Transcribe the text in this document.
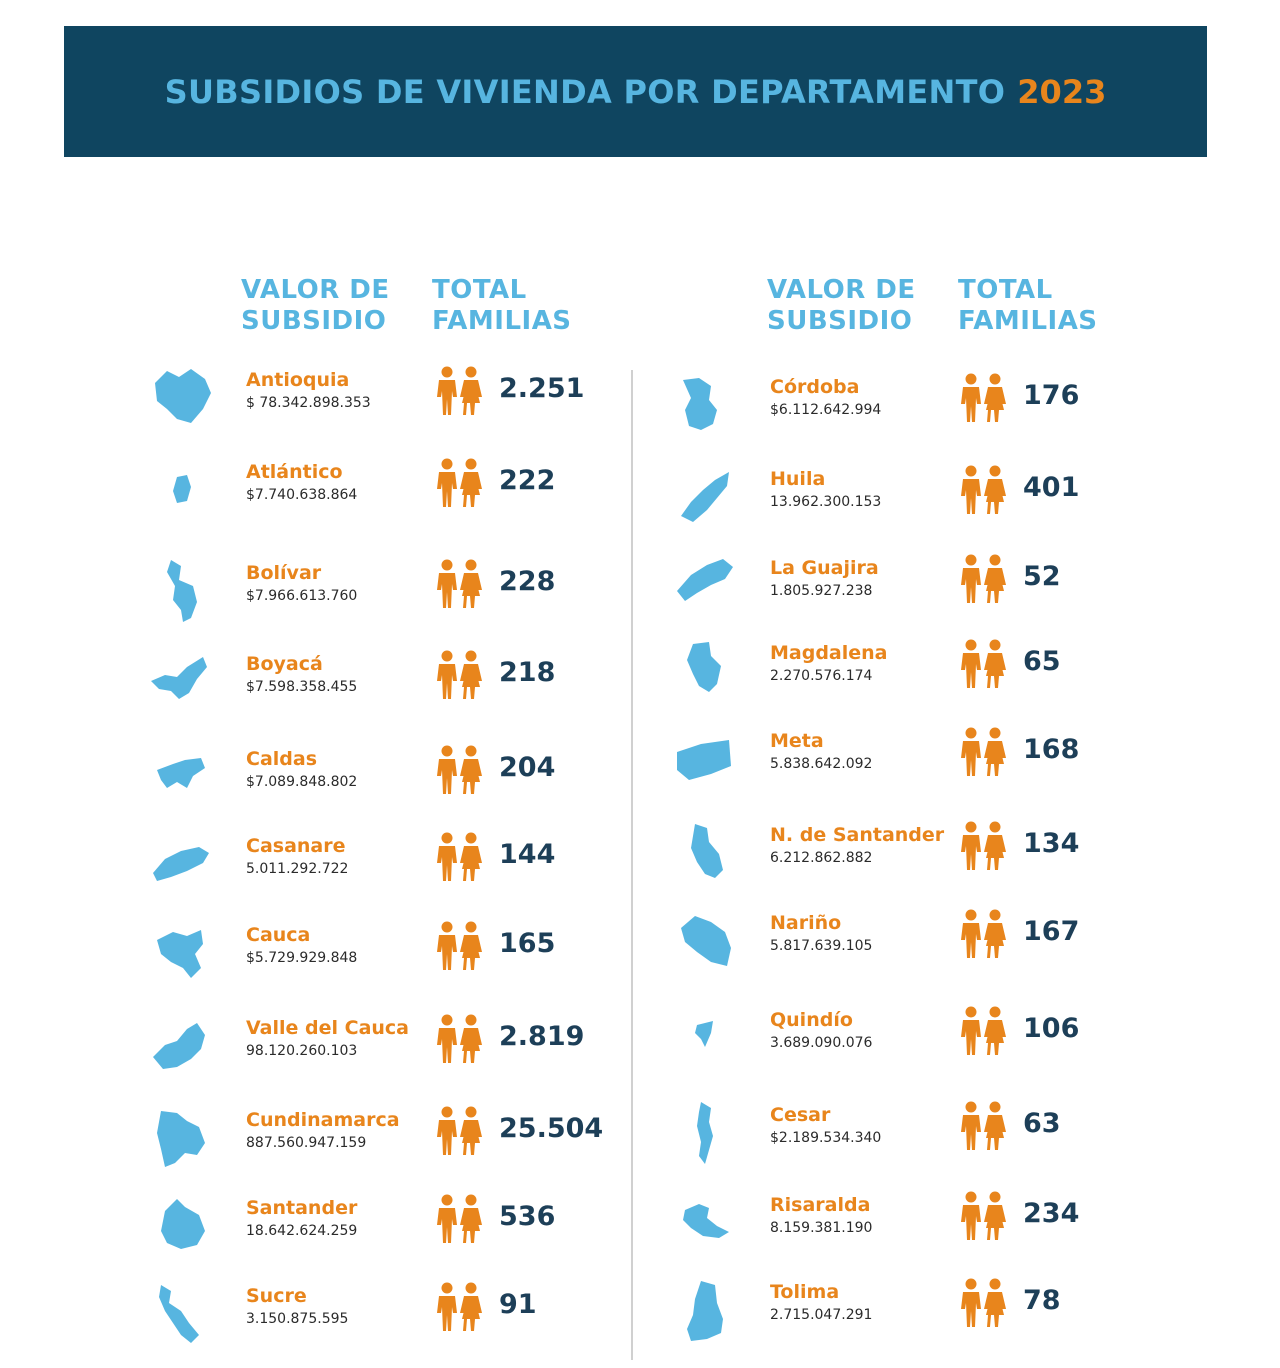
SUBSIDIOS DE VIVIENDA POR DEPARTAMENTO 2023
VALOR DE
SUBSIDIO
TOTAL
FAMILIAS
VALOR DE
SUBSIDIO
TOTAL
FAMILIAS
Antioquia
$ 78.342.898.353	2.251
Atlántico
$7.740.638.864	222
Bolívar
$7.966.613.760	228
Boyacá
$7.598.358.455	218
Caldas
$7.089.848.802	204
Casanare
5.011.292.722	144
Cauca
$5.729.929.848	165
Valle del Cauca
98.120.260.103	2.819
Cundinamarca
887.560.947.159	25.504
Santander
18.642.624.259	536
Sucre
3.150.875.595	91
Córdoba
$6.112.642.994	176
Huila
13.962.300.153	401
La Guajira
1.805.927.238	52
Magdalena
2.270.576.174	65
Meta
5.838.642.092	168
N. de Santander
6.212.862.882	134
Nariño
5.817.639.105	167
Quindío
3.689.090.076	106
Cesar
$2.189.534.340	63
Risaralda
8.159.381.190	234
Tolima
2.715.047.291	78
